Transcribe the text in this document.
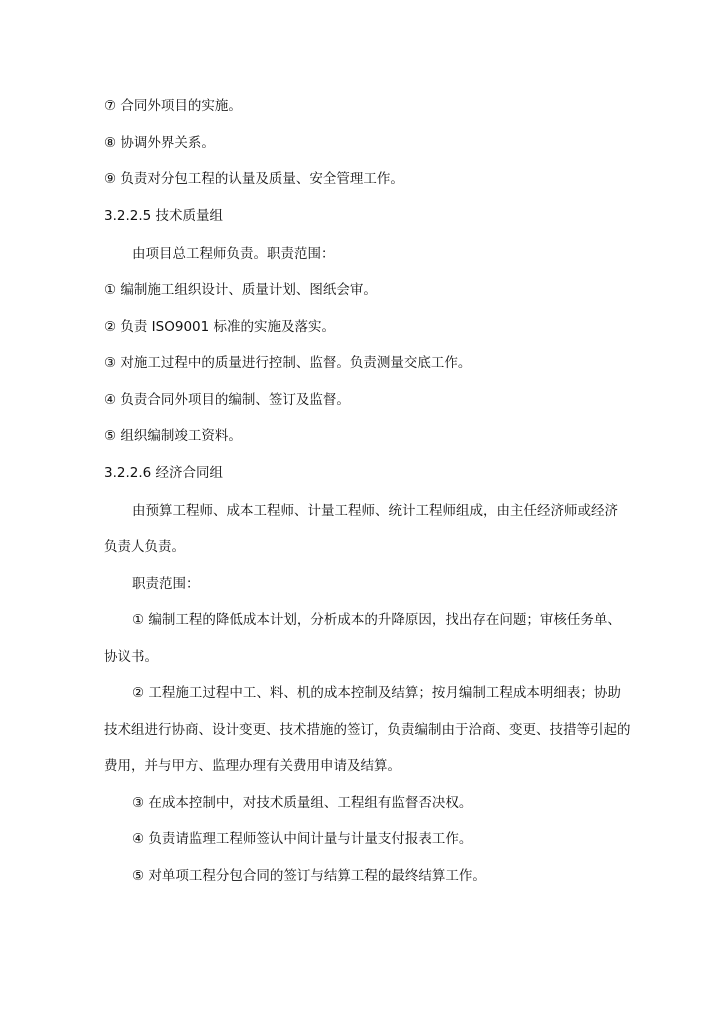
⑦ 合同外项目的实施。
⑧ 协调外界关系。
⑨ 负责对分包工程的认量及质量、安全管理工作。
3.2.2.5 技术质量组
由项目总工程师负责。职责范围：
① 编制施工组织设计、质量计划、图纸会审。
② 负责 ISO9001 标准的实施及落实。
③ 对施工过程中的质量进行控制、监督。负责测量交底工作。
④ 负责合同外项目的编制、签订及监督。
⑤ 组织编制竣工资料。
3.2.2.6 经济合同组
由预算工程师、成本工程师、计量工程师、统计工程师组成，由主任经济师或经济
负责人负责。
职责范围：
① 编制工程的降低成本计划，分析成本的升降原因，找出存在问题；审核任务单、
协议书。
② 工程施工过程中工、料、机的成本控制及结算；按月编制工程成本明细表；协助
技术组进行协商、设计变更、技术措施的签订，负责编制由于洽商、变更、技措等引起的
费用，并与甲方、监理办理有关费用申请及结算。
③ 在成本控制中，对技术质量组、工程组有监督否决权。
④ 负责请监理工程师签认中间计量与计量支付报表工作。
⑤ 对单项工程分包合同的签订与结算工程的最终结算工作。
